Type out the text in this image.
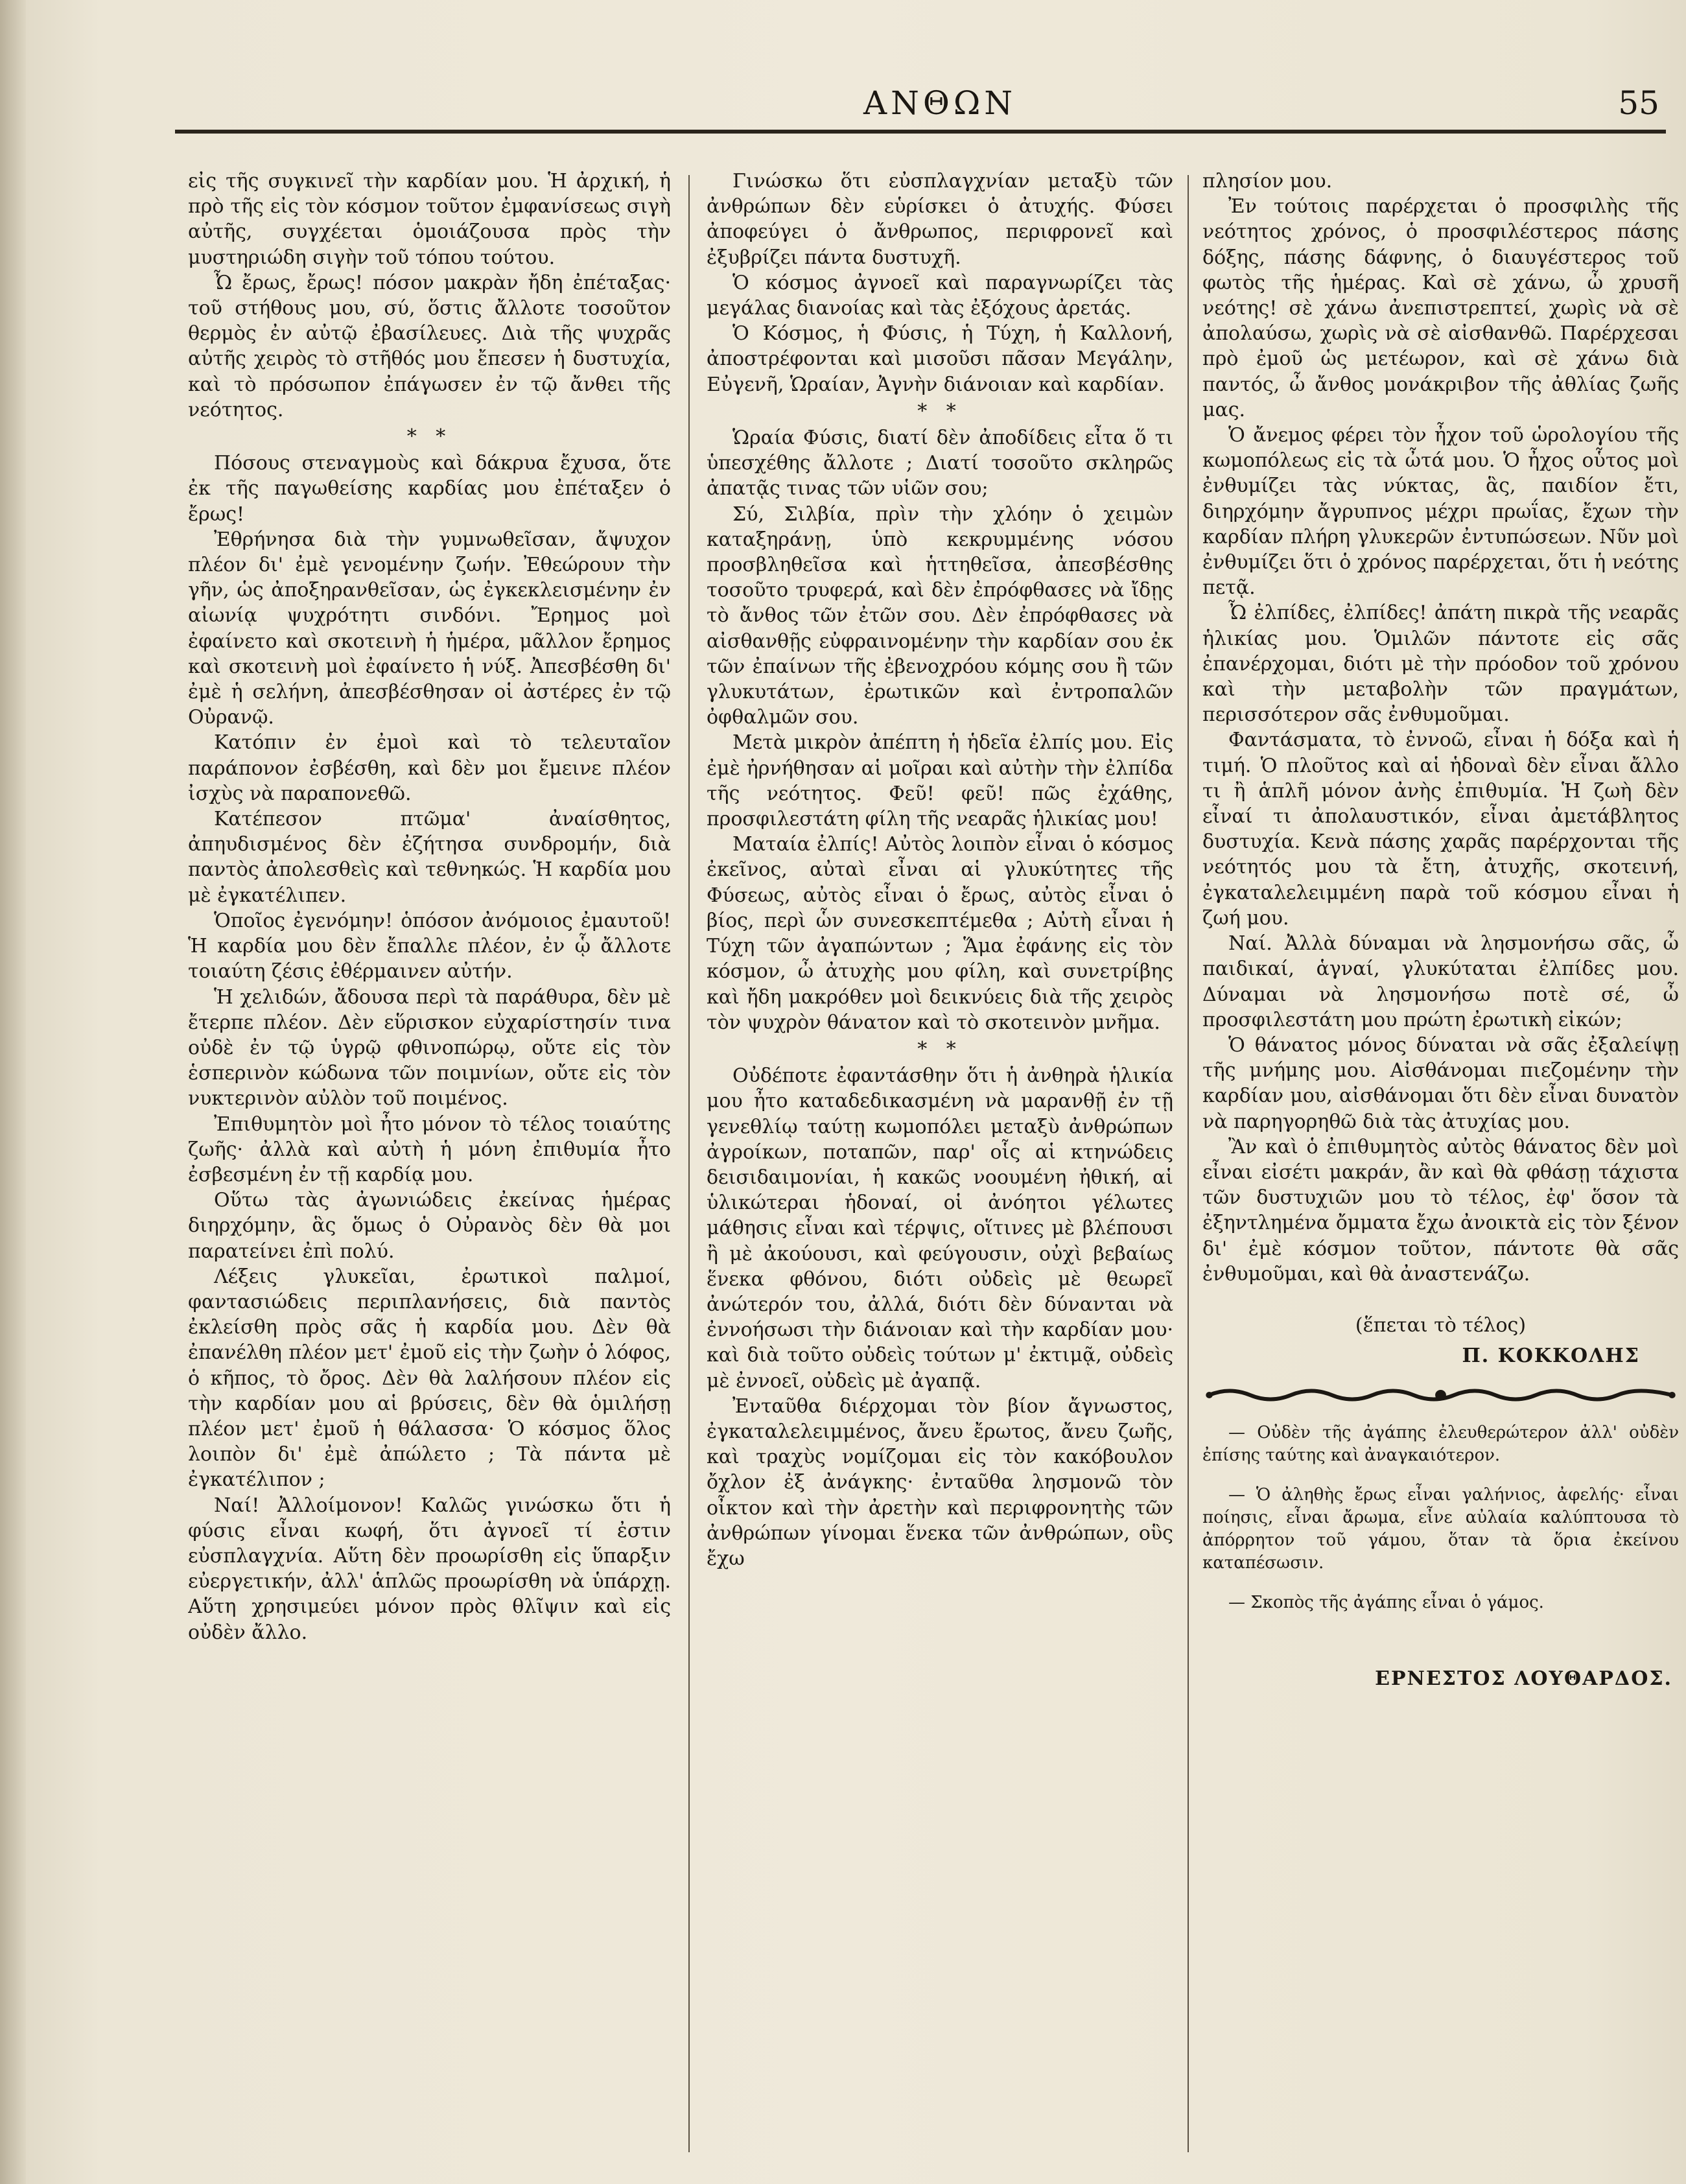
ΑΝΘΩΝ	55

εἰς τῆς συγκινεῖ τὴν καρδίαν μου. Ἡ ἀρχική, ἡ πρὸ τῆς εἰς τὸν κόσμον τοῦτον ἐμφανίσεως σιγὴ αὐτῆς, συγχέεται ὁμοιάζουσα πρὸς τὴν μυστηριώδη σιγὴν τοῦ τόπου τούτου.

Ὦ ἔρως, ἔρως! πόσον μακρὰν ἤδη ἐπέταξας· τοῦ στήθους μου, σύ, ὅστις ἄλλοτε τοσοῦτον θερμὸς ἐν αὐτῷ ἐβασίλευες. Διὰ τῆς ψυχρᾶς αὐτῆς χειρὸς τὸ στῆθός μου ἔπεσεν ἡ δυστυχία, καὶ τὸ πρόσωπον ἐπάγωσεν ἐν τῷ ἄνθει τῆς νεότητος.

* *

Πόσους στεναγμοὺς καὶ δάκρυα ἔχυσα, ὅτε ἐκ τῆς παγωθείσης καρδίας μου ἐπέταξεν ὁ ἔρως!

Ἐθρήνησα διὰ τὴν γυμνωθεῖσαν, ἄψυχον πλέον δι' ἐμὲ γενομένην ζωήν. Ἐθεώρουν τὴν γῆν, ὡς ἀποξηρανθεῖσαν, ὡς ἐγκεκλεισμένην ἐν αἰωνίᾳ ψυχρότητι σινδόνι. Ἔρημος μοὶ ἐφαίνετο καὶ σκοτεινὴ ἡ ἡμέρα, μᾶλλον ἔρημος καὶ σκοτεινὴ μοὶ ἐφαίνετο ἡ νύξ. Ἀπεσβέσθη δι' ἐμὲ ἡ σελήνη, ἀπεσβέσθησαν οἱ ἀστέρες ἐν τῷ Οὐρανῷ.

Κατόπιν ἐν ἐμοὶ καὶ τὸ τελευταῖον παράπονον ἐσβέσθη, καὶ δὲν μοι ἔμεινε πλέον ἰσχὺς νὰ παραπονεθῶ.

Κατέπεσον πτῶμα' ἀναίσθητος, ἀπηυδισμένος δὲν ἐζήτησα συνδρομήν, διὰ παντὸς ἀπολεσθεὶς καὶ τεθνηκώς. Ἡ καρδία μου μὲ ἐγκατέλιπεν.

Ὁποῖος ἐγενόμην! ὁπόσον ἀνόμοιος ἐμαυτοῦ! Ἡ καρδία μου δὲν ἔπαλλε πλέον, ἐν ᾧ ἄλλοτε τοιαύτη ζέσις ἐθέρμαινεν αὐτήν.

Ἡ χελιδών, ἄδουσα περὶ τὰ παράθυρα, δὲν μὲ ἔτερπε πλέον. Δὲν εὕρισκον εὐχαρίστησίν τινα οὐδὲ ἐν τῷ ὑγρῷ φθινοπώρῳ, οὔτε εἰς τὸν ἑσπερινὸν κώδωνα τῶν ποιμνίων, οὔτε εἰς τὸν νυκτερινὸν αὐλὸν τοῦ ποιμένος.

Ἐπιθυμητὸν μοὶ ἦτο μόνον τὸ τέλος τοιαύτης ζωῆς· ἀλλὰ καὶ αὐτὴ ἡ μόνη ἐπιθυμία ἦτο ἐσβεσμένη ἐν τῇ καρδίᾳ μου.

Οὕτω τὰς ἀγωνιώδεις ἐκείνας ἡμέρας διηρχόμην, ἃς ὅμως ὁ Οὐρανὸς δὲν θὰ μοι παρατείνει ἐπὶ πολύ.

Λέξεις γλυκεῖαι, ἐρωτικοὶ παλμοί, φαντασιώδεις περιπλανήσεις, διὰ παντὸς ἐκλείσθη πρὸς σᾶς ἡ καρδία μου. Δὲν θὰ ἐπανέλθη πλέον μετ' ἐμοῦ εἰς τὴν ζωὴν ὁ λόφος, ὁ κῆπος, τὸ ὄρος. Δὲν θὰ λαλήσουν πλέον εἰς τὴν καρδίαν μου αἱ βρύσεις, δὲν θὰ ὁμιλήσῃ πλέον μετ' ἐμοῦ ἡ θάλασσα· Ὁ κόσμος ὅλος λοιπὸν δι' ἐμὲ ἀπώλετο ; Τὰ πάντα μὲ ἐγκατέλιπον ;

Ναί! Ἀλλοίμονον! Καλῶς γινώσκω ὅτι ἡ φύσις εἶναι κωφή, ὅτι ἀγνοεῖ τί ἐστιν εὐσπλαγχνία. Αὕτη δὲν προωρίσθη εἰς ὕπαρξιν εὐεργετικήν, ἀλλ' ἁπλῶς προωρίσθη νὰ ὑπάρχῃ. Αὕτη χρησιμεύει μόνον πρὸς θλῖψιν καὶ εἰς οὐδὲν ἄλλο.

Γινώσκω ὅτι εὐσπλαγχνίαν μεταξὺ τῶν ἀνθρώπων δὲν εὑρίσκει ὁ ἀτυχής. Φύσει ἀποφεύγει ὁ ἄνθρωπος, περιφρονεῖ καὶ ἐξυβρίζει πάντα δυστυχῆ.

Ὁ κόσμος ἀγνοεῖ καὶ παραγνωρίζει τὰς μεγάλας διανοίας καὶ τὰς ἐξόχους ἀρετάς.

Ὁ Κόσμος, ἡ Φύσις, ἡ Τύχη, ἡ Καλλονή, ἀποστρέφονται καὶ μισοῦσι πᾶσαν Μεγάλην, Εὐγενῆ, Ὡραίαν, Ἀγνὴν διάνοιαν καὶ καρδίαν.

* *

Ὡραία Φύσις, διατί δὲν ἀποδίδεις εἶτα ὅ τι ὑπεσχέθης ἄλλοτε ; Διατί τοσοῦτο σκληρῶς ἀπατᾷς τινας τῶν υἱῶν σου;

Σύ, Σιλβία, πρὶν τὴν χλόην ὁ χειμὼν καταξηράνῃ, ὑπὸ κεκρυμμένης νόσου προσβληθεῖσα καὶ ἡττηθεῖσα, ἀπεσβέσθης τοσοῦτο τρυφερά, καὶ δὲν ἐπρόφθασες νὰ ἴδῃς τὸ ἄνθος τῶν ἐτῶν σου. Δὲν ἐπρόφθασες νὰ αἰσθανθῇς εὐφραινομένην τὴν καρδίαν σου ἐκ τῶν ἐπαίνων τῆς ἐβενοχρόου κόμης σου ἢ τῶν γλυκυτάτων, ἐρωτικῶν καὶ ἐντροπαλῶν ὀφθαλμῶν σου.

Μετὰ μικρὸν ἀπέπτη ἡ ἡδεῖα ἐλπίς μου. Εἰς ἐμὲ ἠρνήθησαν αἱ μοῖραι καὶ αὐτὴν τὴν ἐλπίδα τῆς νεότητος. Φεῦ! φεῦ! πῶς ἐχάθης, προσφιλεστάτη φίλη τῆς νεαρᾶς ἡλικίας μου!

Ματαία ἐλπίς! Αὐτὸς λοιπὸν εἶναι ὁ κόσμος ἐκεῖνος, αὐταὶ εἶναι αἱ γλυκύτητες τῆς Φύσεως, αὐτὸς εἶναι ὁ ἔρως, αὐτὸς εἶναι ὁ βίος, περὶ ὧν συνεσκεπτέμεθα ; Αὐτὴ εἶναι ἡ Τύχη τῶν ἀγαπώντων ; Ἅμα ἐφάνης εἰς τὸν κόσμον, ὦ ἀτυχὴς μου φίλη, καὶ συνετρίβης καὶ ἤδη μακρόθεν μοὶ δεικνύεις διὰ τῆς χειρὸς τὸν ψυχρὸν θάνατον καὶ τὸ σκοτεινὸν μνῆμα.

* *

Οὐδέποτε ἐφαντάσθην ὅτι ἡ ἀνθηρὰ ἡλικία μου ἦτο καταδεδικασμένη νὰ μαρανθῇ ἐν τῇ γενεθλίῳ ταύτῃ κωμοπόλει μεταξὺ ἀνθρώπων ἀγροίκων, ποταπῶν, παρ' οἷς αἱ κτηνώδεις δεισιδαιμονίαι, ἡ κακῶς νοουμένη ἠθική, αἱ ὑλικώτεραι ἡδοναί, οἱ ἀνόητοι γέλωτες μάθησις εἶναι καὶ τέρψις, οἵτινες μὲ βλέπουσι ἢ μὲ ἀκούουσι, καὶ φεύγουσιν, οὐχὶ βεβαίως ἕνεκα φθόνου, διότι οὐδεὶς μὲ θεωρεῖ ἀνώτερόν του, ἀλλά, διότι δὲν δύνανται νὰ ἐννοήσωσι τὴν διάνοιαν καὶ τὴν καρδίαν μου· καὶ διὰ τοῦτο οὐδεὶς τούτων μ' ἐκτιμᾷ, οὐδεὶς μὲ ἐννοεῖ, οὐδεὶς μὲ ἀγαπᾷ.

Ἐνταῦθα διέρχομαι τὸν βίον ἄγνωστος, ἐγκαταλελειμμένος, ἄνευ ἔρωτος, ἄνευ ζωῆς, καὶ τραχὺς νομίζομαι εἰς τὸν κακόβουλον ὄχλον ἐξ ἀνάγκης· ἐνταῦθα λησμονῶ τὸν οἶκτον καὶ τὴν ἀρετὴν καὶ περιφρονητὴς τῶν ἀνθρώπων γίνομαι ἕνεκα τῶν ἀνθρώπων, οὓς ἔχω

πλησίον μου.

Ἐν τούτοις παρέρχεται ὁ προσφιλὴς τῆς νεότητος χρόνος, ὁ προσφιλέστερος πάσης δόξης, πάσης δάφνης, ὁ διαυγέστερος τοῦ φωτὸς τῆς ἡμέρας. Καὶ σὲ χάνω, ὦ χρυσῆ νεότης! σὲ χάνω ἀνεπιστρεπτεί, χωρὶς νὰ σὲ ἀπολαύσω, χωρὶς νὰ σὲ αἰσθανθῶ. Παρέρχεσαι πρὸ ἐμοῦ ὡς μετέωρον, καὶ σὲ χάνω διὰ παντός, ὦ ἄνθος μονάκριβον τῆς ἀθλίας ζωῆς μας.

Ὁ ἄνεμος φέρει τὸν ἦχον τοῦ ὡρολογίου τῆς κωμοπόλεως εἰς τὰ ὦτά μου. Ὁ ἦχος οὗτος μοὶ ἐνθυμίζει τὰς νύκτας, ἃς, παιδίον ἔτι, διηρχόμην ἄγρυπνος μέχρι πρωΐας, ἔχων τὴν καρδίαν πλήρη γλυκερῶν ἐντυπώσεων. Νῦν μοὶ ἐνθυμίζει ὅτι ὁ χρόνος παρέρχεται, ὅτι ἡ νεότης πετᾷ.

Ὦ ἐλπίδες, ἐλπίδες! ἀπάτη πικρὰ τῆς νεαρᾶς ἡλικίας μου. Ὁμιλῶν πάντοτε εἰς σᾶς ἐπανέρχομαι, διότι μὲ τὴν πρόοδον τοῦ χρόνου καὶ τὴν μεταβολὴν τῶν πραγμάτων, περισσότερον σᾶς ἐνθυμοῦμαι.

Φαντάσματα, τὸ ἐννοῶ, εἶναι ἡ δόξα καὶ ἡ τιμή. Ὁ πλοῦτος καὶ αἱ ἡδοναὶ δὲν εἶναι ἄλλο τι ἢ ἁπλῆ μόνον ἀνὴς ἐπιθυμία. Ἡ ζωὴ δὲν εἶναί τι ἀπολαυστικόν, εἶναι ἀμετάβλητος δυστυχία. Κενὰ πάσης χαρᾶς παρέρχονται τῆς νεότητός μου τὰ ἔτη, ἀτυχῆς, σκοτεινή, ἐγκαταλελειμμένη παρὰ τοῦ κόσμου εἶναι ἡ ζωή μου.

Ναί. Ἀλλὰ δύναμαι νὰ λησμονήσω σᾶς, ὦ παιδικαί, ἁγναί, γλυκύταται ἐλπίδες μου. Δύναμαι νὰ λησμονήσω ποτὲ σέ, ὦ προσφιλεστάτη μου πρώτη ἐρωτικὴ εἰκών;

Ὁ θάνατος μόνος δύναται νὰ σᾶς ἐξαλείψῃ τῆς μνήμης μου. Αἰσθάνομαι πιεζομένην τὴν καρδίαν μου, αἰσθάνομαι ὅτι δὲν εἶναι δυνατὸν νὰ παρηγορηθῶ διὰ τὰς ἀτυχίας μου.

Ἂν καὶ ὁ ἐπιθυμητὸς αὐτὸς θάνατος δὲν μοὶ εἶναι εἰσέτι μακράν, ἂν καὶ θὰ φθάσῃ τάχιστα τῶν δυστυχιῶν μου τὸ τέλος, ἐφ' ὅσον τὰ ἐξηντλημένα ὄμματα ἔχω ἀνοικτὰ εἰς τὸν ξένον δι' ἐμὲ κόσμον τοῦτον, πάντοτε θὰ σᾶς ἐνθυμοῦμαι, καὶ θὰ ἀναστενάζω.

(ἕπεται τὸ τέλος)

Π. ΚΟΚΚΟΛΗΣ

— Οὐδὲν τῆς ἀγάπης ἐλευθερώτερον ἀλλ' οὐδὲν ἐπίσης ταύτης καὶ ἀναγκαιότερον.

— Ὁ ἀληθὴς ἔρως εἶναι γαλήνιος, ἀφελής· εἶναι ποίησις, εἶναι ἄρωμα, εἶνε αὐλαία καλύπτουσα τὸ ἀπόρρητον τοῦ γάμου, ὅταν τὰ ὅρια ἐκείνου καταπέσωσιν.

— Σκοπὸς τῆς ἀγάπης εἶναι ὁ γάμος.

ΕΡΝΕΣΤΟΣ ΛΟΥΘΑΡΔΟΣ.
